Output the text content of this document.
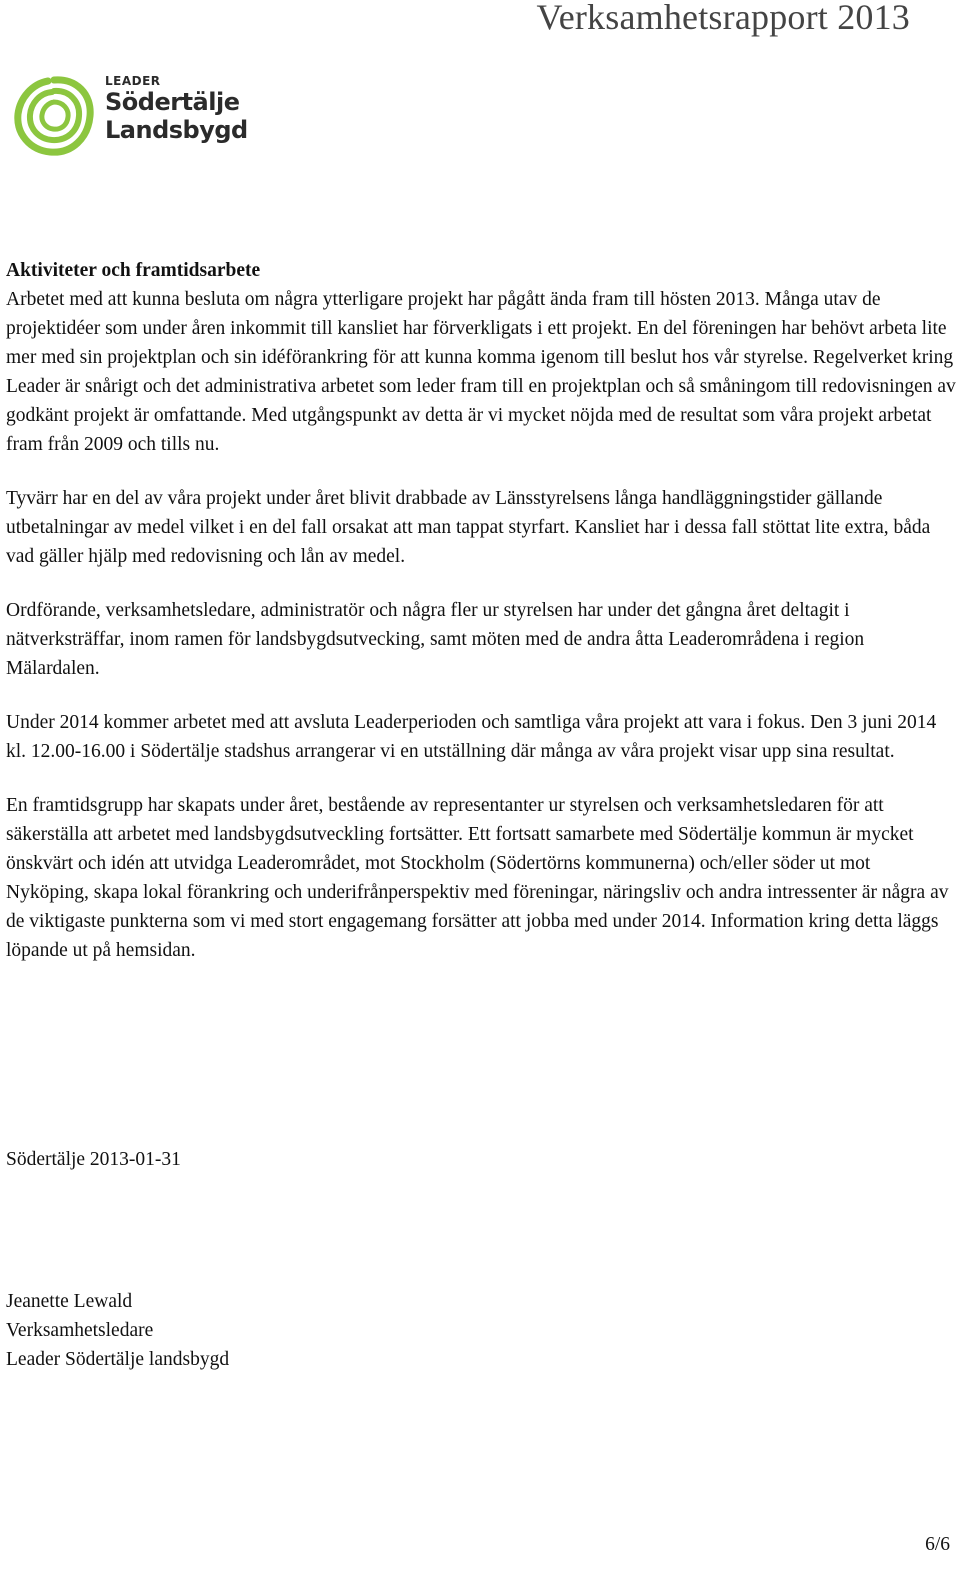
Verksamhetsrapport 2013
LEADER
Södertälje
Landsbygd

Aktiviteter och framtidsarbete
Arbetet med att kunna besluta om några ytterligare projekt har pågått ända fram till hösten 2013. Många utav de projektidéer som under åren inkommit till kansliet har förverkligats i ett projekt. En del föreningen har behövt arbeta lite mer med sin projektplan och sin idéförankring för att kunna komma igenom till beslut hos vår styrelse. Regelverket kring Leader är snårigt och det administrativa arbetet som leder fram till en projektplan och så småningom till redovisningen av godkänt projekt är omfattande. Med utgångspunkt av detta är vi mycket nöjda med de resultat som våra projekt arbetat fram från 2009 och tills nu.

Tyvärr har en del av våra projekt under året blivit drabbade av Länsstyrelsens långa handläggningstider gällande utbetalningar av medel vilket i en del fall orsakat att man tappat styrfart. Kansliet har i dessa fall stöttat lite extra, båda vad gäller hjälp med redovisning och lån av medel.

Ordförande, verksamhetsledare, administratör och några fler ur styrelsen har under det gångna året deltagit i nätverksträffar, inom ramen för landsbygdsutvecking, samt möten med de andra åtta Leaderområdena i region Mälardalen.

Under 2014 kommer arbetet med att avsluta Leaderperioden och samtliga våra projekt att vara i fokus. Den 3 juni 2014 kl. 12.00-16.00 i Södertälje stadshus arrangerar vi en utställning där många av våra projekt visar upp sina resultat.

En framtidsgrupp har skapats under året, bestående av representanter ur styrelsen och verksamhetsledaren för att säkerställa att arbetet med landsbygdsutveckling fortsätter. Ett fortsatt samarbete med Södertälje kommun är mycket önskvärt och idén att utvidga Leaderområdet, mot Stockholm (Södertörns kommunerna) och/eller söder ut mot Nyköping, skapa lokal förankring och underifrånperspektiv med föreningar, näringsliv och andra intressenter är några av de viktigaste punkterna som vi med stort engagemang forsätter att jobba med under 2014. Information kring detta läggs löpande ut på hemsidan.

Södertälje 2013-01-31
Jeanette Lewald
Verksamhetsledare
Leader Södertälje landsbygd
6/6
